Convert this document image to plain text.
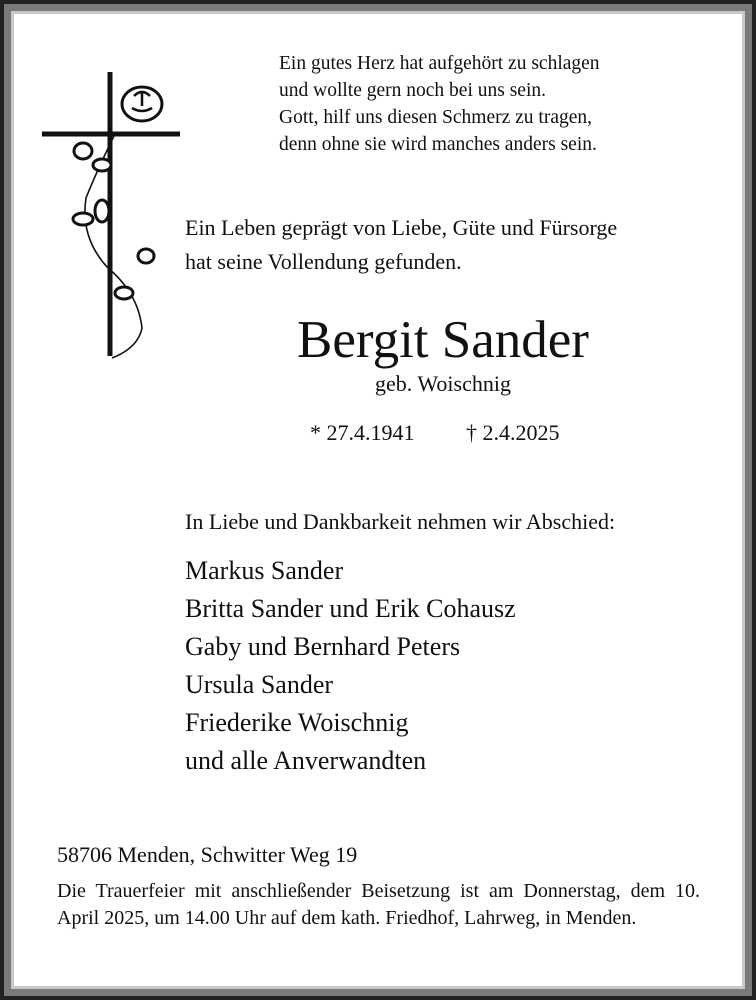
Ein gutes Herz hat aufgehört zu schlagen
und wollte gern noch bei uns sein.
Gott, hilf uns diesen Schmerz zu tragen,
denn ohne sie wird manches anders sein.
Ein Leben geprägt von Liebe, Güte und Fürsorge
hat seine Vollendung gefunden.
Bergit Sander
geb. Woischnig
* 27.4.1941 † 2.4.2025
In Liebe und Dankbarkeit nehmen wir Abschied:
Markus Sander
Britta Sander und Erik Cohausz
Gaby und Bernhard Peters
Ursula Sander
Friederike Woischnig
und alle Anverwandten
58706 Menden, Schwitter Weg 19
Die Trauerfeier mit anschließender Beisetzung ist am Donnerstag, dem 10. April 2025, um 14.00 Uhr auf dem kath. Friedhof, Lahrweg, in Menden.
